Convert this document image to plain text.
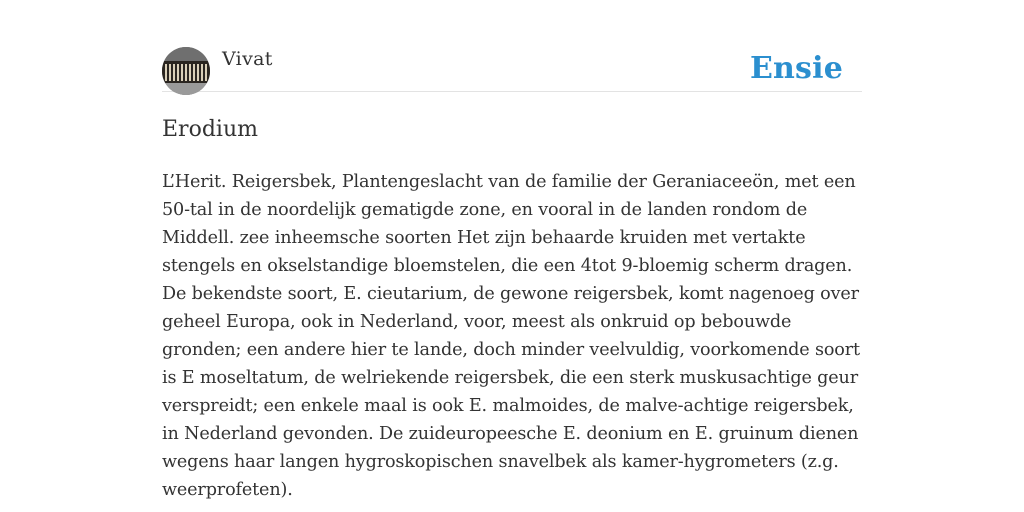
Vivat	Ensie
Erodium

L’Herit. Reigersbek, Plantengeslacht van de familie der Geraniaceeön, met een 50-tal in de noordelijk gematigde zone, en vooral in de landen rondom de Middell. zee inheemsche soorten Het zijn behaarde kruiden met vertakte stengels en okselstandige bloemstelen, die een 4tot 9-bloemig scherm dragen. De bekendste soort, E. cieutarium, de gewone reigersbek, komt nagenoeg over geheel Europa, ook in Nederland, voor, meest als onkruid op bebouwde gronden; een andere hier te lande, doch minder veelvuldig, voorkomende soort is E moseltatum, de welriekende reigersbek, die een sterk muskusachtige geur verspreidt; een enkele maal is ook E. malmoides, de malve-achtige reigersbek, in Nederland gevonden. De zuideuropeesche E. deonium en E. gruinum dienen wegens haar langen hygroskopischen snavelbek als kamer-hygrometers (z.g. weerprofeten).
